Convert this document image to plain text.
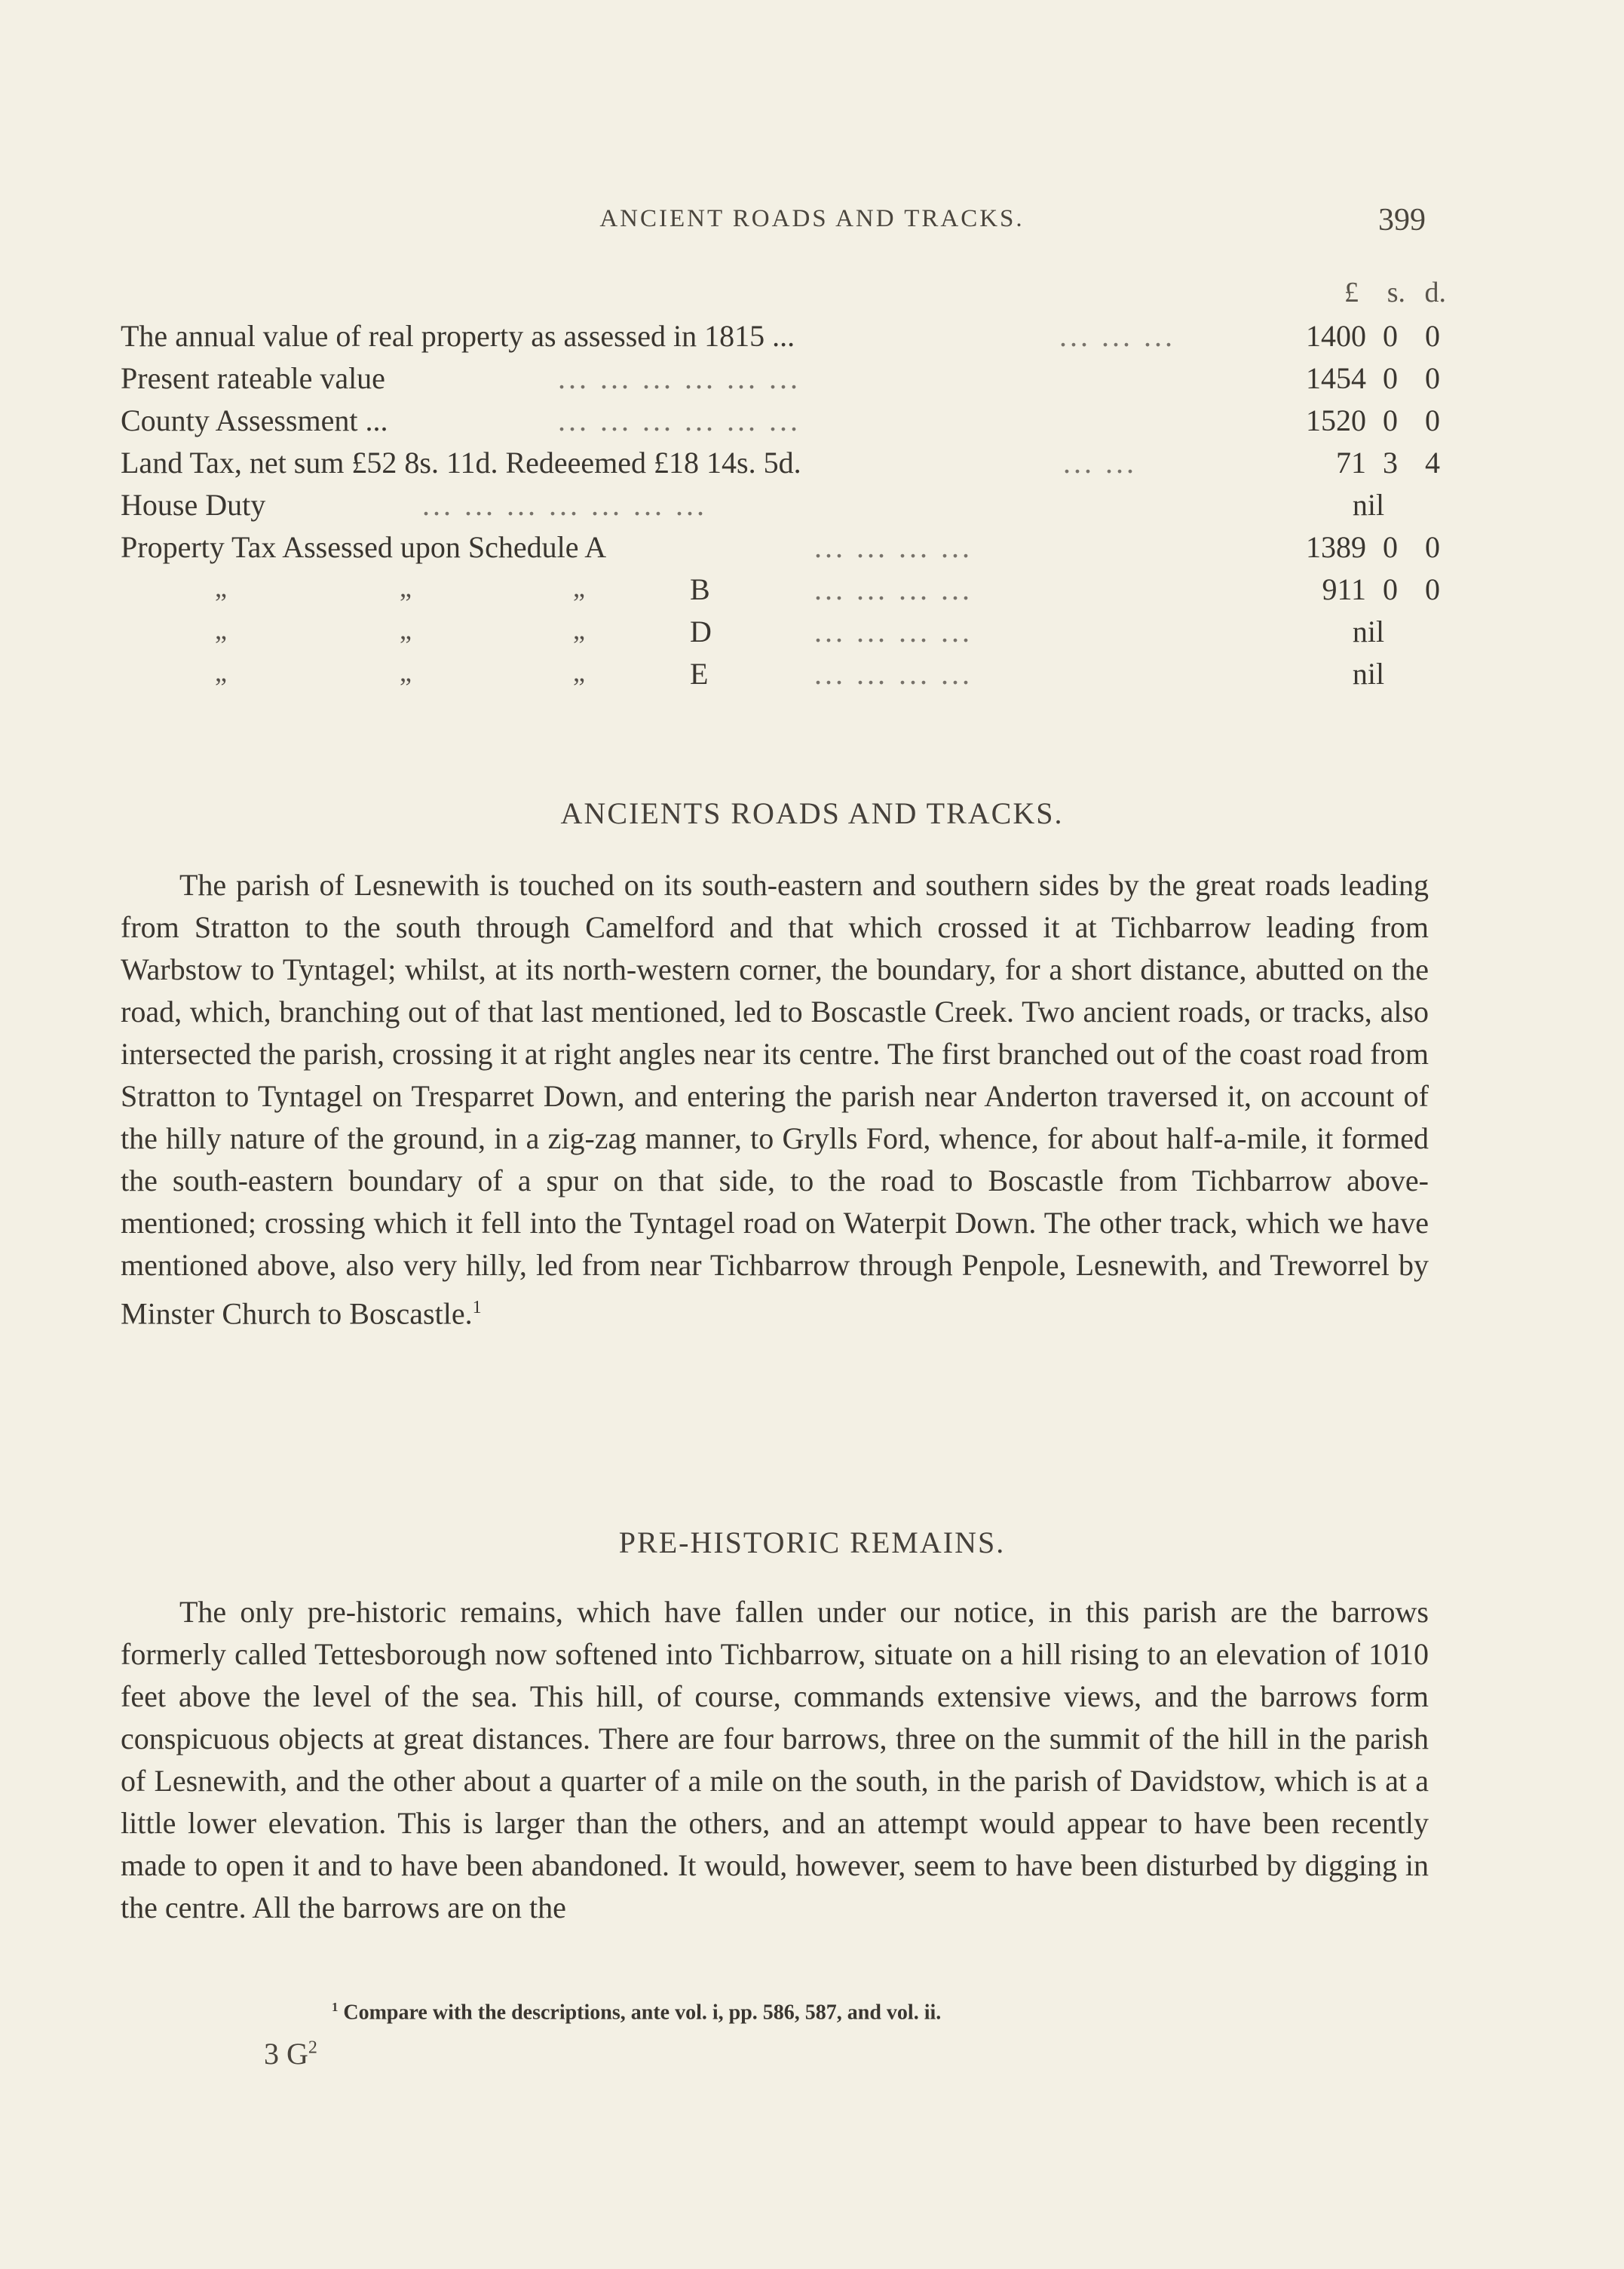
ANCIENT ROADS AND TRACKS.	399
£ s. d.
The annual value of real property as assessed in 1815 ...	... ... ...	1400 0 0
Present rateable value	... ... ... ... ... ...	1454 0 0
County Assessment ...	... ... ... ... ... ...	1520 0 0
Land Tax, net sum £52 8s. 11d. Redeeemed £18 14s. 5d.	... ...	71 3 4
House Duty	... ... ... ... ... ... ...	nil
Property Tax Assessed upon Schedule A	... ... ... ...	1389 0 0
„	„	„	B	... ... ... ...	911 0 0
„	„	„	D	... ... ... ...	nil
„	„	„	E	... ... ... ...	nil
ANCIENTS ROADS AND TRACKS.

The parish of Lesnewith is touched on its south-eastern and southern sides by the great roads leading from Stratton to the south through Camelford and that which crossed it at Tichbarrow leading from Warbstow to Tyntagel; whilst, at its north-western corner, the boundary, for a short distance, abutted on the road, which, branching out of that last mentioned, led to Boscastle Creek. Two ancient roads, or tracks, also intersected the parish, crossing it at right angles near its centre. The first branched out of the coast road from Stratton to Tyntagel on Tresparret Down, and entering the parish near Anderton traversed it, on account of the hilly nature of the ground, in a zig-zag manner, to Grylls Ford, whence, for about half-a-mile, it formed the south-eastern boundary of a spur on that side, to the road to Boscastle from Tichbarrow above-mentioned; crossing which it fell into the Tyntagel road on Waterpit Down. The other track, which we have mentioned above, also very hilly, led from near Tichbarrow through Penpole, Lesnewith, and Treworrel by Minster Church to Boscastle.$^1$

PRE-HISTORIC REMAINS.

The only pre-historic remains, which have fallen under our notice, in this parish are the barrows formerly called Tettesborough now softened into Tichbarrow, situate on a hill rising to an elevation of 1010 feet above the level of the sea. This hill, of course, commands extensive views, and the barrows form conspicuous objects at great distances. There are four barrows, three on the summit of the hill in the parish of Lesnewith, and the other about a quarter of a mile on the south, in the parish of Davidstow, which is at a little lower elevation. This is larger than the others, and an attempt would appear to have been recently made to open it and to have been abandoned. It would, however, seem to have been disturbed by digging in the centre. All the barrows are on the

$^1$ Compare with the descriptions, ante vol. i, pp. 586, 587, and vol. ii.
3 $G^2$
